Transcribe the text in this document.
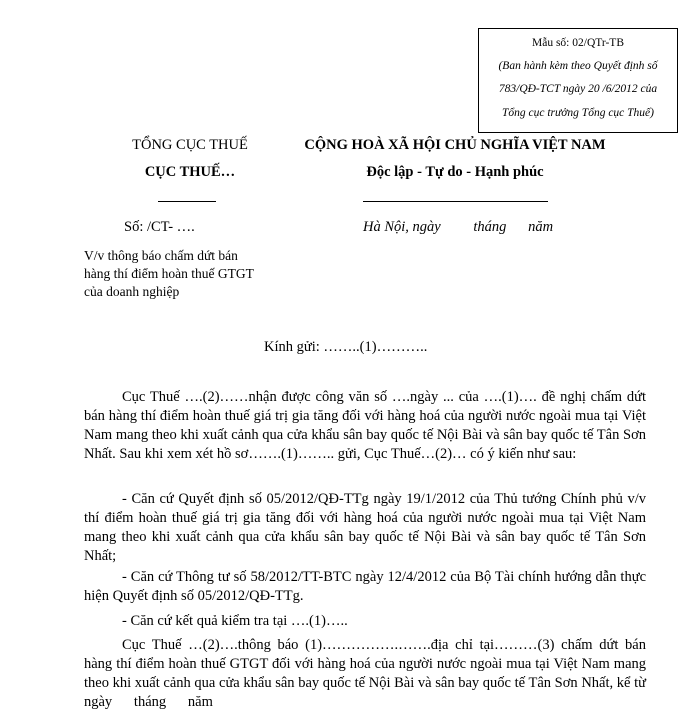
Mẫu số: 02/QTr-TB
(Ban hành kèm theo Quyết định số
783/QĐ-TCT ngày 20 /6/2012 của
Tổng cục trưởng Tổng cục Thuế)
TỔNG CỤC THUẾ
CỤC THUẾ…
Số: /CT- ….
V/v thông báo chấm dứt bán
hàng thí điểm hoàn thuế GTGT
của doanh nghiệp
CỘNG HOÀ XÃ HỘI CHỦ NGHĨA VIỆT NAM
Độc lập - Tự do - Hạnh phúc
Hà Nội, ngày         tháng      năm
Kính gửi: ……..(1)………..
Cục Thuế ….(2)……nhận được công văn số ….ngày ... của ….(1)…. đề nghị chấm dứt bán hàng thí điểm hoàn thuế giá trị gia tăng đối với hàng hoá của người nước ngoài mua tại Việt Nam mang theo khi xuất cảnh qua cửa khẩu sân bay quốc tế Nội Bài và sân bay quốc tế Tân Sơn Nhất. Sau khi xem xét hồ sơ…….(1)…….. gửi, Cục Thuế…(2)… có ý kiến như sau:
- Căn cứ Quyết định số 05/2012/QĐ-TTg ngày 19/1/2012 của Thủ tướng Chính phủ v/v thí điểm hoàn thuế giá trị gia tăng đối với hàng hoá của người nước ngoài mua tại Việt Nam mang theo khi xuất cảnh qua cửa khẩu sân bay quốc tế Nội Bài và sân bay quốc tế Tân Sơn Nhất;
- Căn cứ Thông tư số 58/2012/TT-BTC ngày 12/4/2012 của Bộ Tài chính hướng dẫn thực hiện Quyết định số 05/2012/QĐ-TTg.
- Căn cứ kết quả kiểm tra tại ….(1)…..
Cục Thuế …(2)….thông báo (1)…………….…….địa chỉ tại………(3) chấm dứt bán hàng thí điểm hoàn thuế GTGT đối với hàng hoá của người nước ngoài mua tại Việt Nam mang theo khi xuất cảnh qua cửa khẩu sân bay quốc tế Nội Bài và sân bay quốc tế Tân Sơn Nhất, kể từ ngày      tháng      năm
